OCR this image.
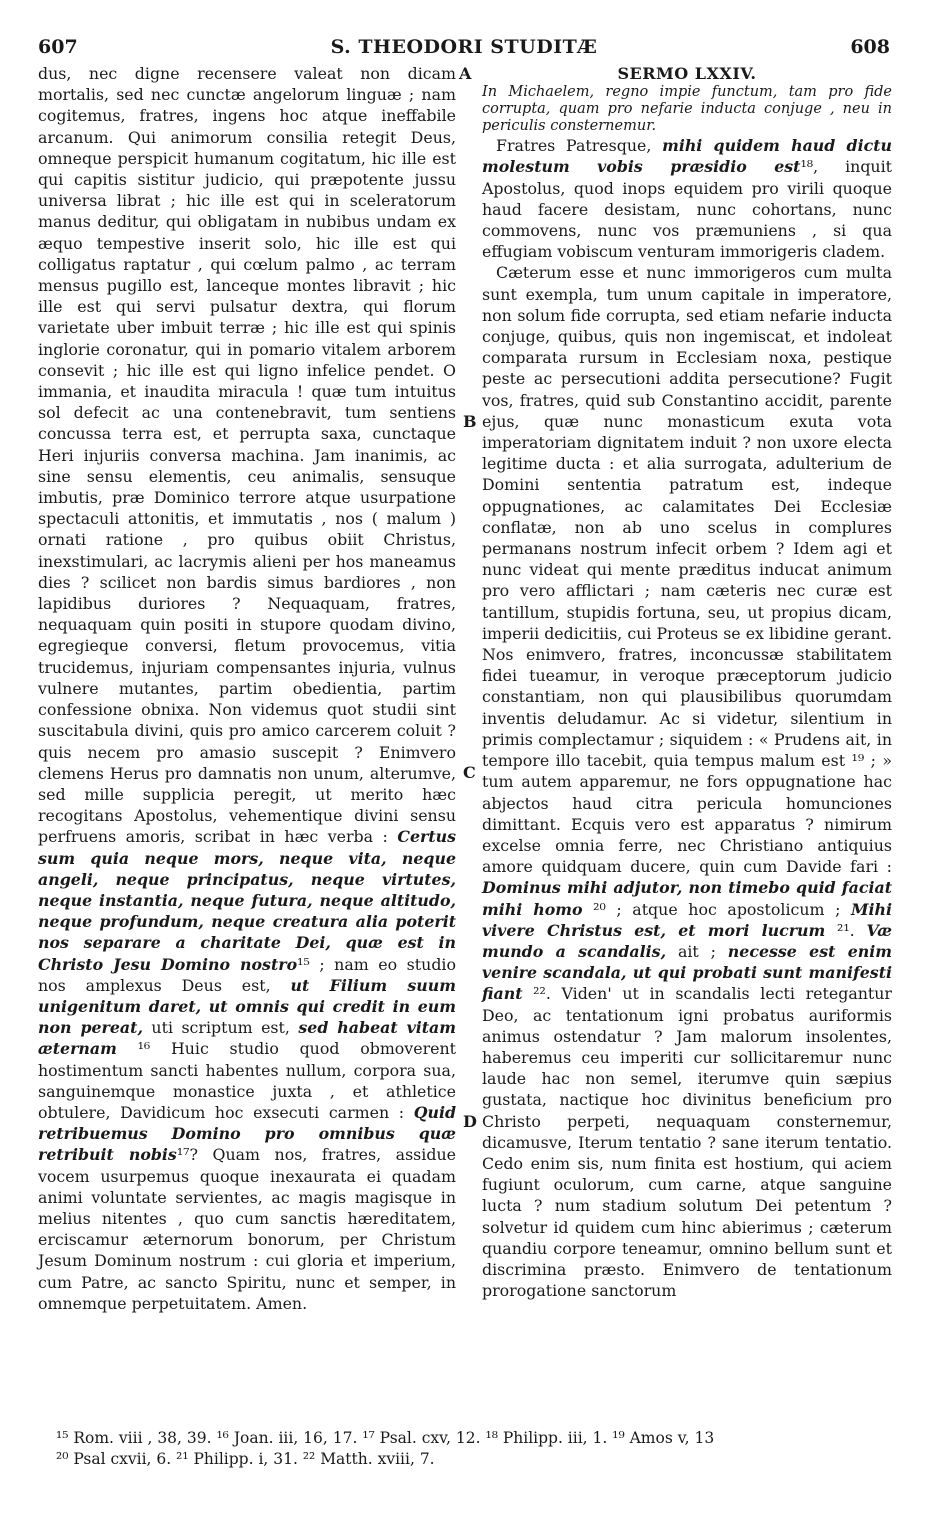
607	S. THEODORI STUDITÆ	608
A
B
C
D

dus, nec digne recensere valeat non dicam mortalis, sed nec cunctæ angelorum linguæ ; nam cogitemus, fratres, ingens hoc atque ineffabile arcanum. Qui animorum consilia retegit Deus, omneque perspicit humanum cogitatum, hic ille est qui capitis sistitur judicio, qui præpotente jussu universa librat ; hic ille est qui in sceleratorum manus deditur, qui obligatam in nubibus undam ex æquo tempestive inserit solo, hic ille est qui colligatus raptatur , qui cœlum palmo , ac terram mensus pugillo est, lanceque montes libravit ; hic ille est qui servi pulsatur dextra, qui florum varietate uber imbuit terræ ; hic ille est qui spinis inglorie coronatur, qui in pomario vitalem arborem consevit ; hic ille est qui ligno infelice pendet. O immania, et inaudita miracula ! quæ tum intuitus sol defecit ac una contenebravit, tum sentiens concussa terra est, et perrupta saxa, cunctaque Heri injuriis conversa machina. Jam inanimis, ac sine sensu elementis, ceu animalis, sensuque imbutis, præ Dominico terrore atque usurpatione spectaculi attonitis, et immutatis , nos ( malum ) ornati ratione , pro quibus obiit Christus, inexstimulari, ac lacrymis alieni per hos maneamus dies ? scilicet non bardis simus bardiores , non lapidibus duriores ? Nequaquam, fratres, nequaquam quin positi in stupore quodam divino, egregieque conversi, fletum provocemus, vitia trucidemus, injuriam compensantes injuria, vulnus vulnere mutantes, partim obedientia, partim confessione obnixa. Non videmus quot studii sint suscitabula divini, quis pro amico carcerem coluit ? quis necem pro amasio suscepit ? Enimvero clemens Herus pro damnatis non unum, alterumve, sed mille supplicia peregit, ut merito hæc recogitans Apostolus, vehementique divini sensu perfruens amoris, scribat in hæc verba : Certus sum quia neque mors, neque vita, neque angeli, neque principatus, neque virtutes, neque instantia, neque futura, neque altitudo, neque profundum, neque creatura alia poterit nos separare a charitate Dei, quæ est in Christo Jesu Domino nostro¹⁵ ; nam eo studio nos amplexus Deus est, ut Filium suum unigenitum daret, ut omnis qui credit in eum non pereat, uti scriptum est, sed habeat vitam æternam ¹⁶ Huic studio quod obmoverent hostimentum sancti habentes nullum, corpora sua, sanguinemque monastice juxta , et athletice obtulere, Davidicum hoc exsecuti carmen : Quid retribuemus Domino pro omnibus quæ retribuit nobis¹⁷? Quam nos, fratres, assidue vocem usurpemus quoque inexaurata ei quadam animi voluntate servientes, ac magis magisque in melius nitentes , quo cum sanctis hæreditatem, erciscamur æternorum bonorum, per Christum Jesum Dominum nostrum : cui gloria et imperium, cum Patre, ac sancto Spiritu, nunc et semper, in omnemque perpetuitatem. Amen.

SERMO LXXIV.

In Michaelem, regno impie functum, tam pro fide corrupta, quam pro nefarie inducta conjuge , neu in periculis consternemur.

Fratres Patresque, mihi quidem haud dictu molestum vobis præsidio est¹⁸, inquit Apostolus, quod inops equidem pro virili quoque haud facere desistam, nunc cohortans, nunc commovens, nunc vos præmuniens , si qua effugiam vobiscum venturam immorigeris cladem.

Cæterum esse et nunc immorigeros cum multa sunt exempla, tum unum capitale in imperatore, non solum fide corrupta, sed etiam nefarie inducta conjuge, quibus, quis non ingemiscat, et indoleat comparata rursum in Ecclesiam noxa, pestique peste ac persecutioni addita persecutione? Fugit vos, fratres, quid sub Constantino accidit, parente ejus, quæ nunc monasticum exuta vota imperatoriam dignitatem induit ? non uxore electa legitime ducta : et alia surrogata, adulterium de Domini sententia patratum est, indeque oppugnationes, ac calamitates Dei Ecclesiæ conflatæ, non ab uno scelus in complures permanans nostrum infecit orbem ? Idem agi et nunc videat qui mente præditus inducat animum pro vero afflictari ; nam cæteris nec curæ est tantillum, stupidis fortuna, seu, ut propius dicam, imperii dedicitiis, cui Proteus se ex libidine gerant. Nos enimvero, fratres, inconcussæ stabilitatem fidei tueamur, in veroque præceptorum judicio constantiam, non qui plausibilibus quorumdam inventis deludamur. Ac si videtur, silentium in primis complectamur ; siquidem : « Prudens ait, in tempore illo tacebit, quia tempus malum est ¹⁹ ; » tum autem apparemur, ne fors oppugnatione hac abjectos haud citra pericula homunciones dimittant. Ecquis vero est apparatus ? nimirum excelse omnia ferre, nec Christiano antiquius amore quidquam ducere, quin cum Davide fari : Dominus mihi adjutor, non timebo quid faciat mihi homo ²⁰ ; atque hoc apostolicum ; Mihi vivere Christus est, et mori lucrum ²¹. Væ mundo a scandalis, ait ; necesse est enim venire scandala, ut qui probati sunt manifesti fiant ²². Viden' ut in scandalis lecti retegantur Deo, ac tentationum igni probatus auriformis animus ostendatur ? Jam malorum insolentes, haberemus ceu imperiti cur sollicitaremur nunc laude hac non semel, iterumve quin sæpius gustata, nactique hoc divinitus beneficium pro Christo perpeti, nequaquam consternemur, dicamusve, Iterum tentatio ? sane iterum tentatio. Cedo enim sis, num finita est hostium, qui aciem fugiunt oculorum, cum carne, atque sanguine lucta ? num stadium solutum Dei petentum ? solvetur id quidem cum hinc abierimus ; cæterum quandiu corpore teneamur, omnino bellum sunt et discrimina præsto. Enimvero de tentationum prorogatione sanctorum

¹⁵ Rom. viii , 38, 39. ¹⁶ Joan. iii, 16, 17. ¹⁷ Psal. cxv, 12. ¹⁸ Philipp. iii, 1. ¹⁹ Amos v, 13
²⁰ Psal cxvii, 6. ²¹ Philipp. i, 31. ²² Matth. xviii, 7.
